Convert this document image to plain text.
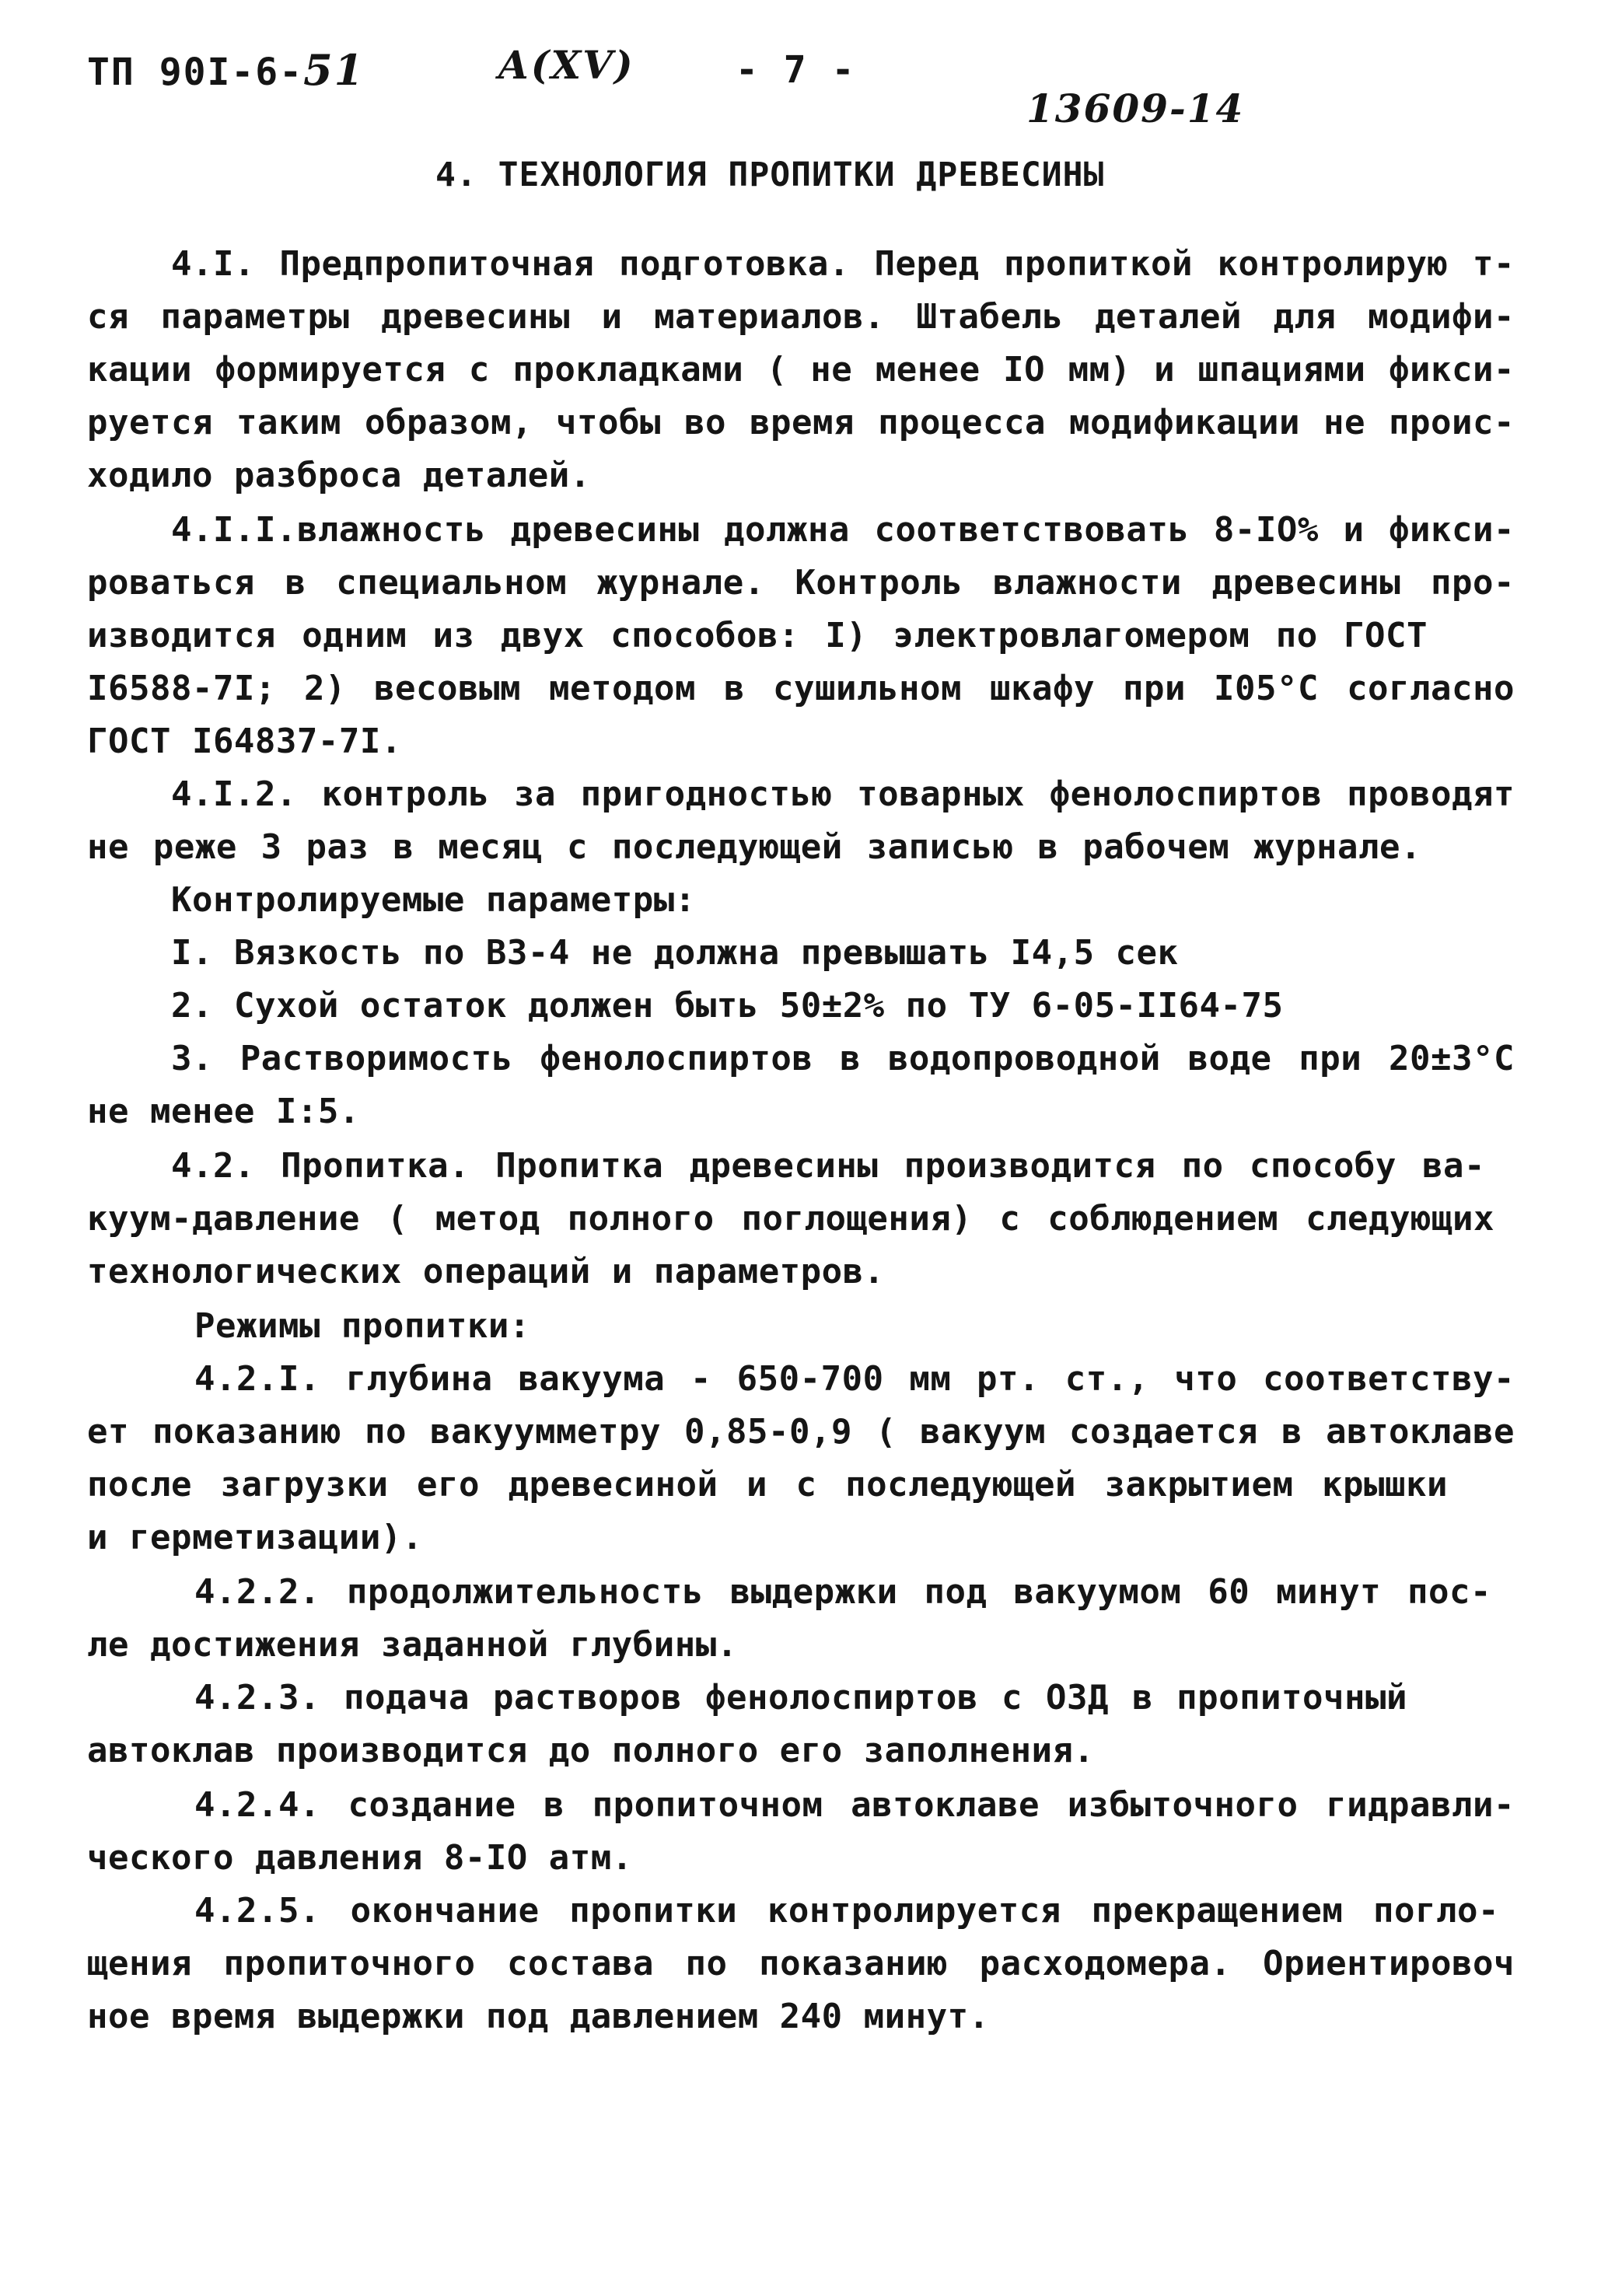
ТП 90I-6-51	А(XV)	- 7 -
13609-14
4. ТЕХНОЛОГИЯ ПРОПИТКИ ДРЕВЕСИНЫ
4.I. Предпропиточная подготовка. Перед пропиткой контролирую т-
ся параметры древесины и материалов. Штабель деталей для модифи-
кации формируется с прокладками ( не менее IО мм) и шпациями фикси-
руется таким образом, чтобы во время процесса модификации не проис-
ходило разброса деталей.
4.I.I.влажность древесины должна соответствовать 8-IО% и фикси-
роваться в специальном журнале. Контроль влажности древесины про-
изводится одним из двух способов: I) электровлагомером по ГОСТ
I6588-7I; 2) весовым методом в сушильном шкафу при I05°С согласно
ГОСТ I64837-7I.
4.I.2. контроль за пригодностью товарных фенолоспиртов проводят
не реже 3 раз в месяц с последующей записью в рабочем журнале.
Контролируемые параметры:
I. Вязкость по ВЗ-4 не должна превышать I4,5 сек
2. Сухой остаток должен быть 50±2% по ТУ 6-05-II64-75
3. Растворимость фенолоспиртов в водопроводной воде при 20±3°С
не менее I:5.
4.2. Пропитка. Пропитка древесины производится по способу ва-
куум-давление ( метод полного поглощения) с соблюдением следующих
технологических операций и параметров.
Режимы пропитки:
4.2.I. глубина вакуума - 650-700 мм рт. ст., что соответству-
ет показанию по вакуумметру 0,85-0,9 ( вакуум создается в автоклаве
после загрузки его древесиной и с последующей закрытием крышки
и герметизации).
4.2.2. продолжительность выдержки под вакуумом 60 минут пос-
ле достижения заданной глубины.
4.2.3. подача растворов фенолоспиртов с ОЗД в пропиточный
автоклав производится до полного его заполнения.
4.2.4. создание в пропиточном автоклаве избыточного гидравли-
ческого давления 8-IО атм.
4.2.5. окончание пропитки контролируется прекращением погло-
щения пропиточного состава по показанию расходомера. Ориентировоч
ное время выдержки под давлением 240 минут.
